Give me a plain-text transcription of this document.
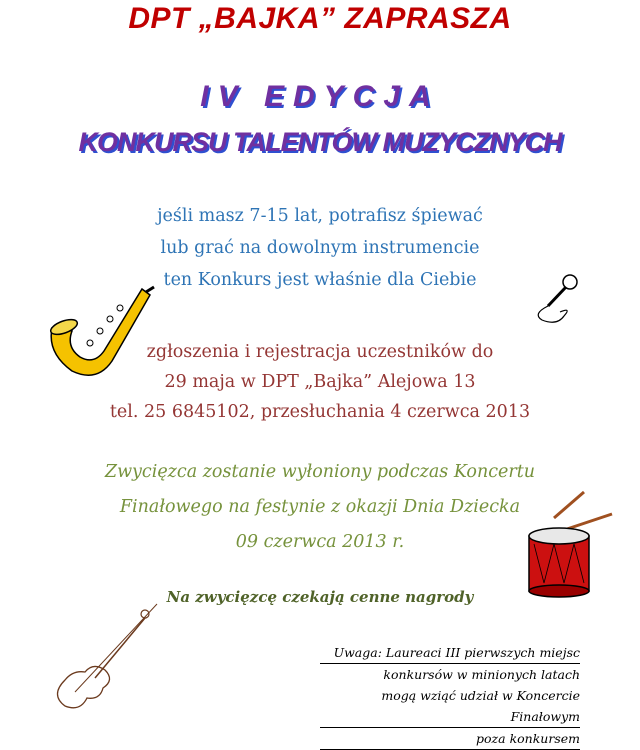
DPT „BAJKA” ZAPRASZA
IV EDYCJA
KONKURSU TALENTÓW MUZYCZNYCH
jeśli masz 7-15 lat, potrafisz śpiewać
lub grać na dowolnym instrumencie
ten Konkurs jest właśnie dla Ciebie
zgłoszenia i rejestracja uczestników do
29 maja w DPT „Bajka” Alejowa 13
tel. 25 6845102, przesłuchania 4 czerwca 2013
Zwycięzca zostanie wyłoniony podczas Koncertu
Finałowego na festynie z okazji Dnia Dziecka
09 czerwca 2013 r.
Na zwycięzcę czekają cenne nagrody
Uwaga: Laureaci III pierwszych miejsc
konkursów w minionych latach
mogą wziąć udział w Koncercie Finałowym
poza konkursem
